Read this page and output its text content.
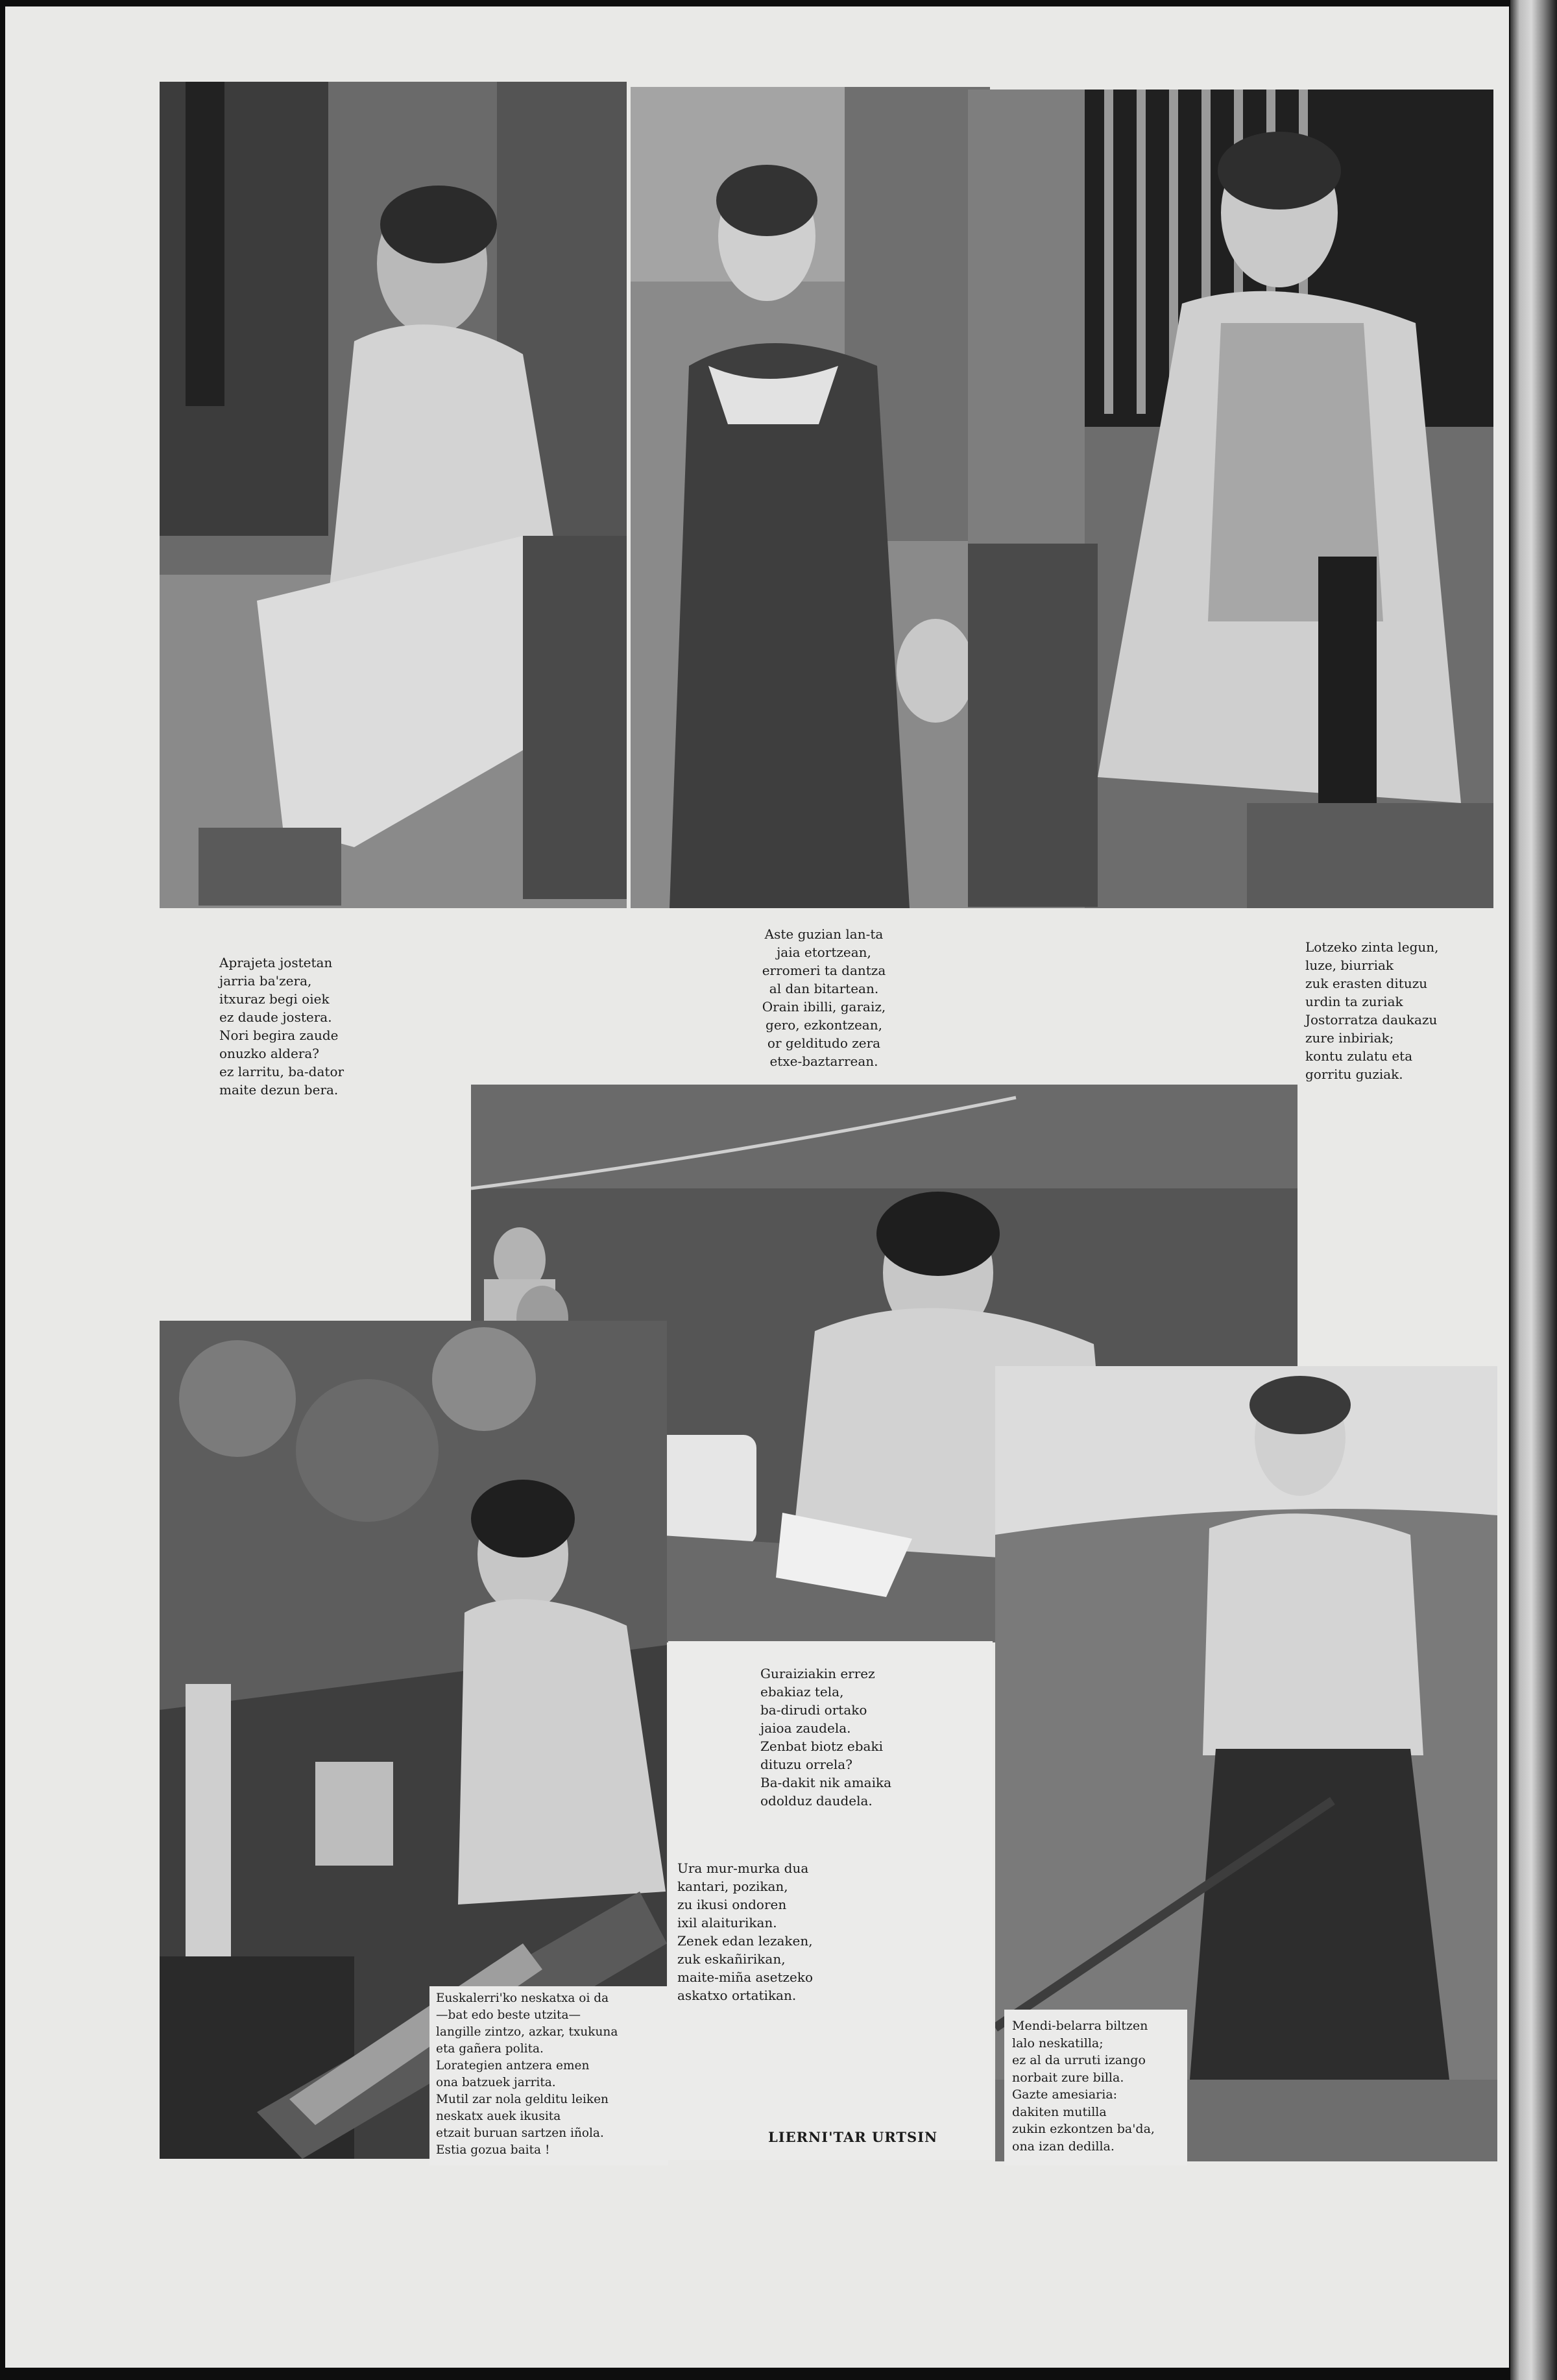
Aprajeta jostetan
jarria ba'zera,
itxuraz begi oiek
ez daude jostera.
Nori begira zaude
onuzko aldera?
ez larritu, ba-dator
maite dezun bera.
Aste guzian lan-ta
jaia etortzean,
erromeri ta dantza
al dan bitartean.
Orain ibilli, garaiz,
gero, ezkontzean,
or gelditudo zera
etxe-baztarrean.
Lotzeko zinta legun,
luze, biurriak
zuk erasten dituzu
urdin ta zuriak
Jostorratza daukazu
zure inbiriak;
kontu zulatu eta
gorritu guziak.
Guraiziakin errez
ebakiaz tela,
ba-dirudi ortako
jaioa zaudela.
Zenbat biotz ebaki
dituzu orrela?
Ba-dakit nik amaika
odolduz daudela.
Ura mur-murka dua
kantari, pozikan,
zu ikusi ondoren
ixil alaiturikan.
Zenek edan lezaken,
zuk eskañirikan,
maite-miña asetzeko
askatxo ortatikan.
Euskalerri'ko neskatxa oi da
—bat edo beste utzita—
langille zintzo, azkar, txukuna
eta gañera polita.
Lorategien antzera emen
ona batzuek jarrita.
Mutil zar nola gelditu leiken
neskatx auek ikusita
etzait buruan sartzen iñola.
Estia gozua baita !
Mendi-belarra biltzen
lalo neskatilla;
ez al da urruti izango
norbait zure billa.
Gazte amesiaria:
dakiten mutilla
zukin ezkontzen ba'da,
ona izan dedilla.
LIERNI'TAR URTSIN
